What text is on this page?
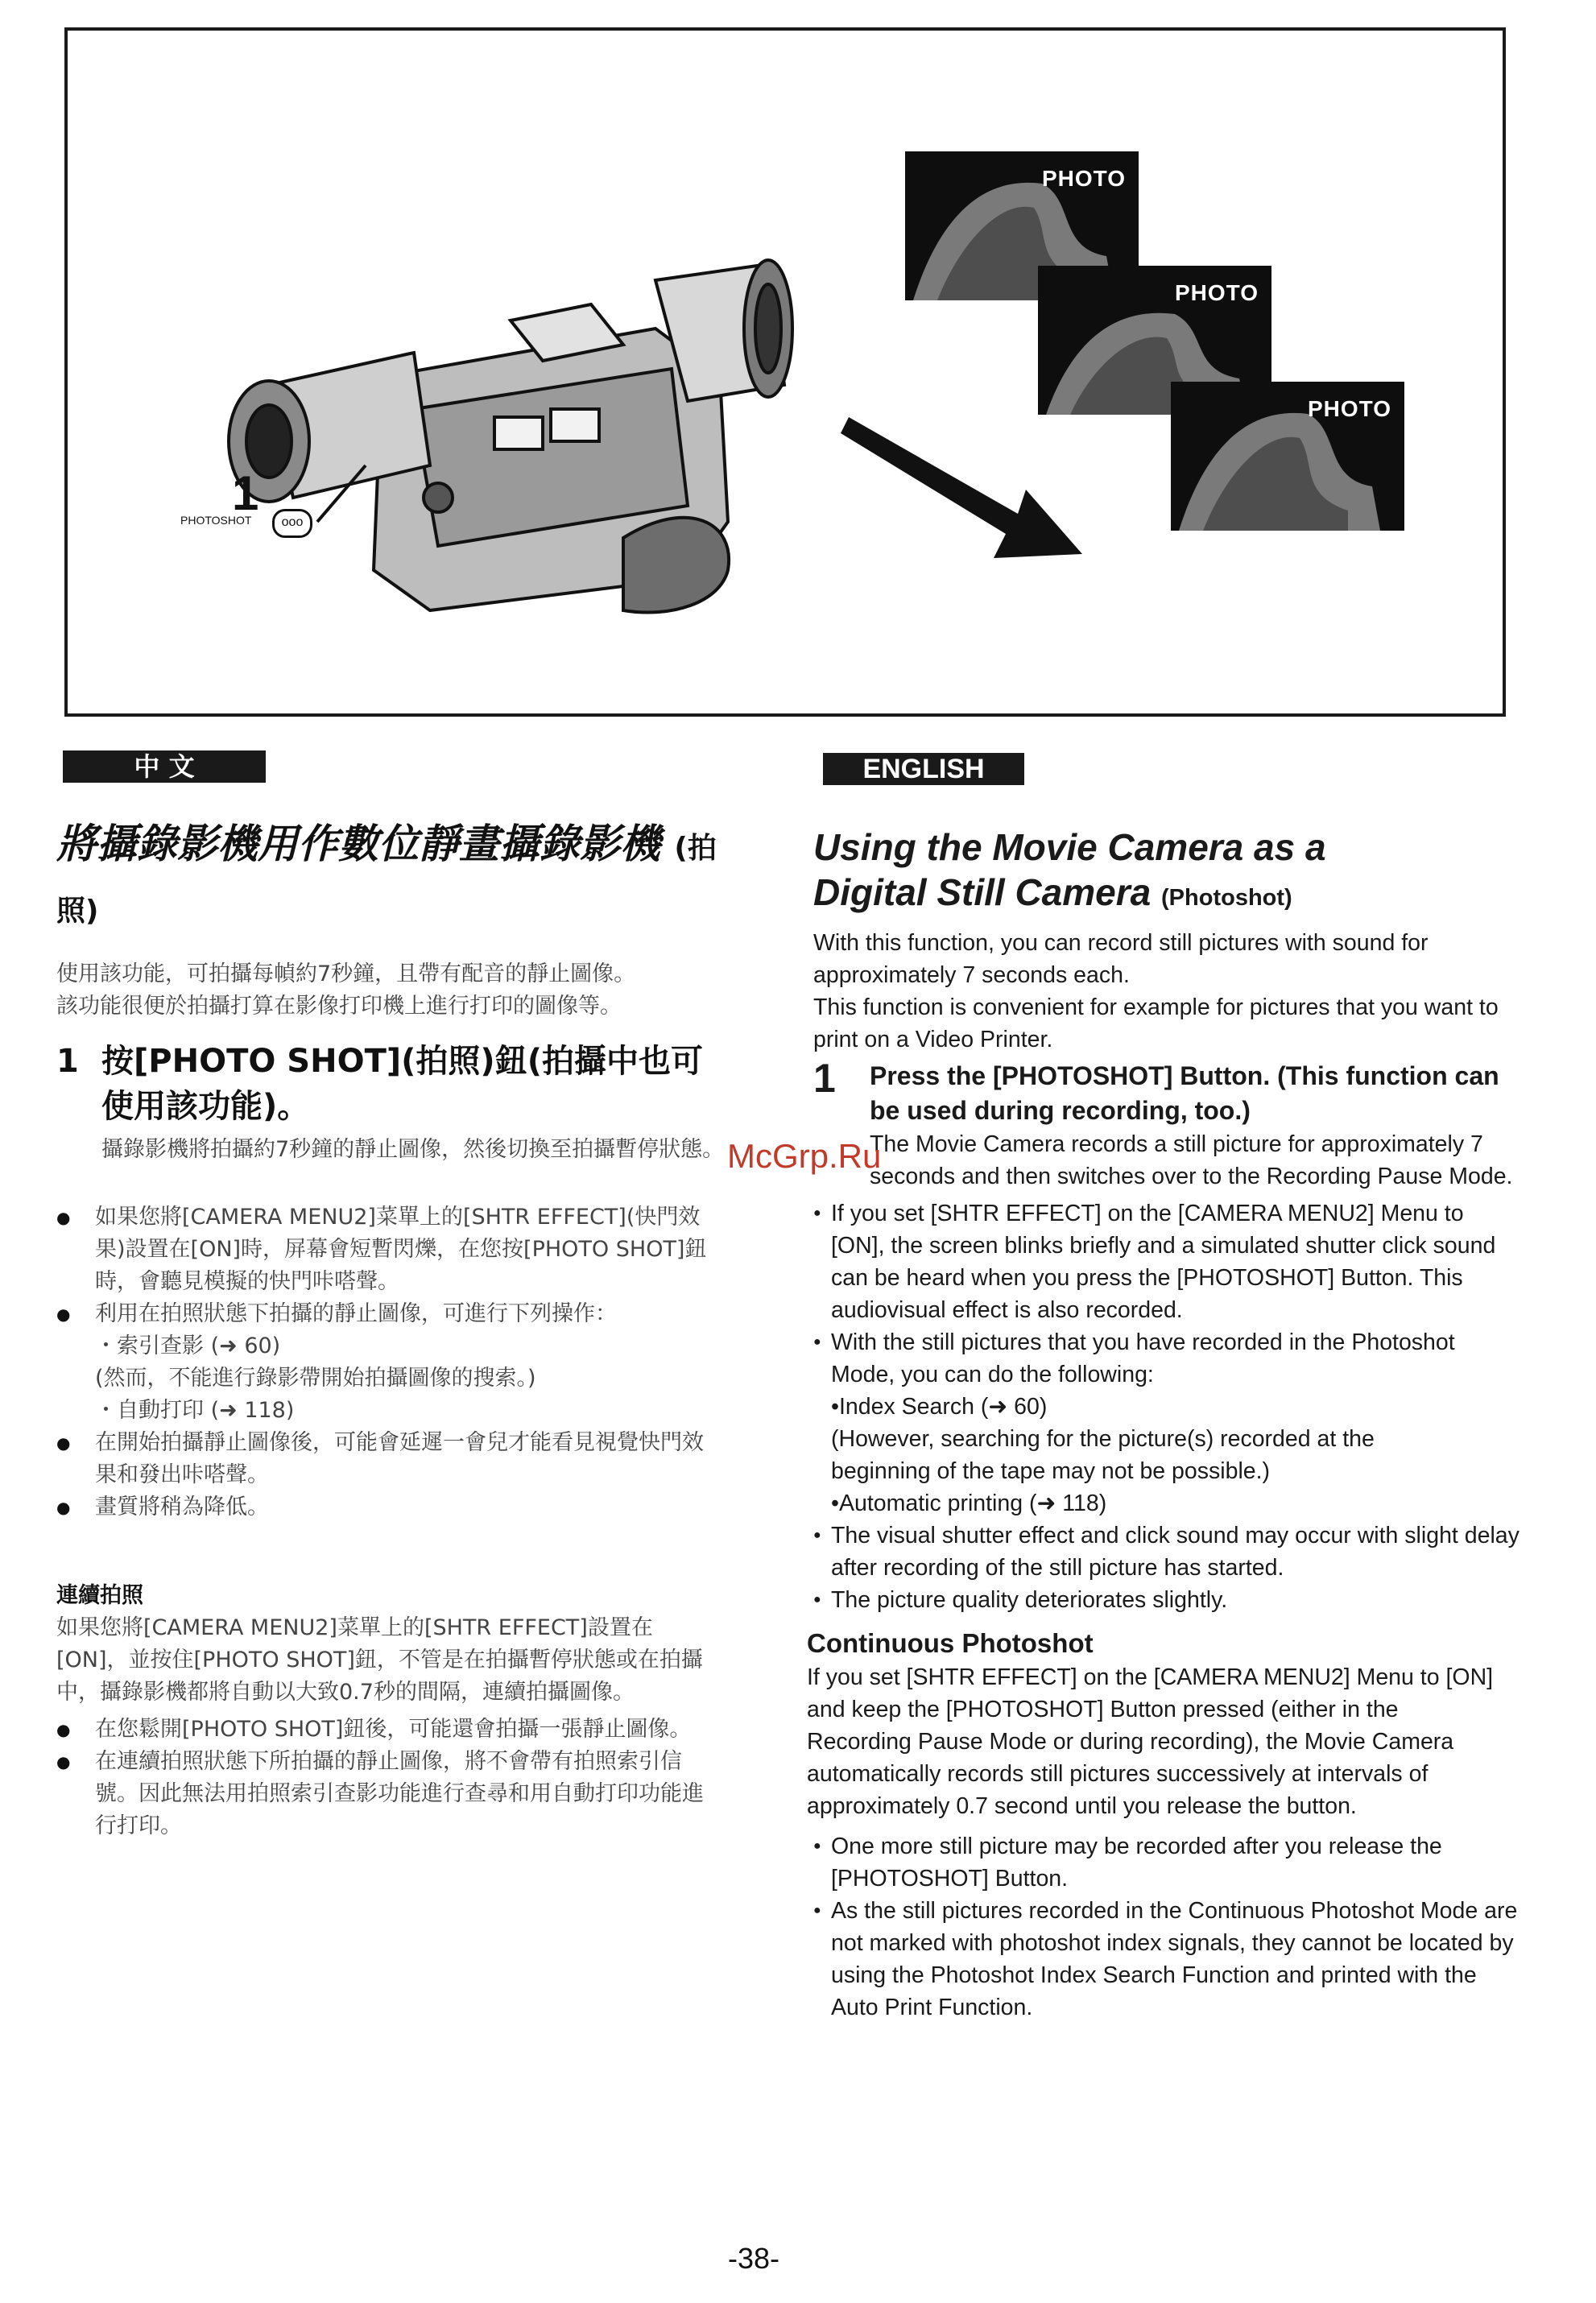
1
PHOTOSHOT	ooo
PHOTO
PHOTO
PHOTO
中 文	ENGLISH
將攝錄影機用作數位靜畫攝錄影機 (拍照)
使用該功能，可拍攝每幀約7秒鐘，且帶有配音的靜止圖像。
該功能很便於拍攝打算在影像打印機上進行打印的圖像等。
1 按[PHOTO SHOT](拍照)鈕(拍攝中也可使用該功能)。
攝錄影機將拍攝約7秒鐘的靜止圖像，然後切換至拍攝暫停狀態。
● 如果您將[CAMERA MENU2]菜單上的[SHTR EFFECT](快門效果)設置在[ON]時，屏幕會短暫閃爍，在您按[PHOTO SHOT]鈕時，會聽見模擬的快門咔嗒聲。
● 利用在拍照狀態下拍攝的靜止圖像，可進行下列操作：
・索引查影 (➜ 60)
(然而，不能進行錄影帶開始拍攝圖像的搜索。)
・自動打印 (➜ 118)
● 在開始拍攝靜止圖像後，可能會延遲一會兒才能看見視覺快門效果和發出咔嗒聲。
● 畫質將稍為降低。
連續拍照
如果您將[CAMERA MENU2]菜單上的[SHTR EFFECT]設置在[ON]，並按住[PHOTO SHOT]鈕，不管是在拍攝暫停狀態或在拍攝中，攝錄影機都將自動以大致0.7秒的間隔，連續拍攝圖像。
● 在您鬆開[PHOTO SHOT]鈕後，可能還會拍攝一張靜止圖像。
● 在連續拍照狀態下所拍攝的靜止圖像，將不會帶有拍照索引信號。因此無法用拍照索引查影功能進行查尋和用自動打印功能進行打印。
Using the Movie Camera as a
Digital Still Camera (Photoshot)
With this function, you can record still pictures with sound for approximately 7 seconds each.
This function is convenient for example for pictures that you want to print on a Video Printer.
1	Press the [PHOTOSHOT] Button. (This function can be used during recording, too.)
The Movie Camera records a still picture for approximately 7 seconds and then switches over to the Recording Pause Mode.
● If you set [SHTR EFFECT] on the [CAMERA MENU2] Menu to [ON], the screen blinks briefly and a simulated shutter click sound can be heard when you press the [PHOTOSHOT] Button. This audiovisual effect is also recorded.
● With the still pictures that you have recorded in the Photoshot Mode, you can do the following:
•Index Search (➜ 60)
(However, searching for the picture(s) recorded at the beginning of the tape may not be possible.)
•Automatic printing (➜ 118)
● The visual shutter effect and click sound may occur with slight delay after recording of the still picture has started.
● The picture quality deteriorates slightly.
Continuous Photoshot
If you set [SHTR EFFECT] on the [CAMERA MENU2] Menu to [ON] and keep the [PHOTOSHOT] Button pressed (either in the Recording Pause Mode or during recording), the Movie Camera automatically records still pictures successively at intervals of approximately 0.7 second until you release the button.
● One more still picture may be recorded after you release the [PHOTOSHOT] Button.
● As the still pictures recorded in the Continuous Photoshot Mode are not marked with photoshot index signals, they cannot be located by using the Photoshot Index Search Function and printed with the Auto Print Function.
McGrp.Ru
-38-
